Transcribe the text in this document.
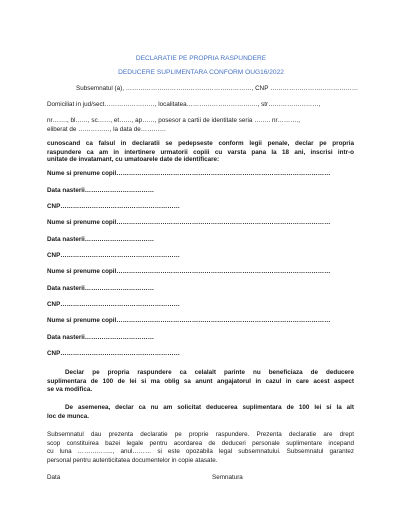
DECLARATIE PE PROPRIA RASPUNDERE
DEDUCERE SUPLIMENTARA CONFORM OUG16/2022
Subsemnatul (a), ……………………………………………………, CNP ……………………………………
Domiciliat in jud/sect……………………, localitatea……………………………., str……………………,
nr……., bl……, sc……, et……, ap……, posesor a cartii de identitate seria …….. nr……….,
eliberat de ……………, la data de…………
cunoscand ca falsul in declaratii se pedepseste conform legii penale, declar pe propria
raspundere ca am in intertinere urmatorii copiii cu varsta pana la 18 ani, inscrisi intr-o

unitate de invatamant, cu umatoarele date de identificare:
Nume si prenume copil…………………………………………………………………………………………
Data nasterii……………………………
CNP…………………………………………………
Nume si prenume copil…………………………………………………………………………………………
Data nasterii……………………………
CNP…………………………………………………
Nume si prenume copil…………………………………………………………………………………………
Data nasterii……………………………
CNP…………………………………………………
Nume si prenume copil…………………………………………………………………………………………
Data nasterii……………………………
CNP…………………………………………………
Declar pe propria raspundere ca celalalt parinte nu beneficiaza de deducere
suplimentara de 100 de lei si ma oblig sa anunt angajatorul in cazul in care acest aspect
se va modifica.
De asemenea, declar ca nu am solicitat deducerea suplimentara de 100 lei si la alt
loc de munca.
Subsemnatul dau prezenta declaratie pe proprie raspundere. Prezenta declaratie are drept
scop constituirea bazei legale pentru acordarea de deduceri personale suplimentare incepand
cu luna …………….., anul……… si este opozabila legal subsemnatului. Subsemnatul garantez
personal pentru autenticitatea documentelor in copie atasate.
Data	Semnatura
